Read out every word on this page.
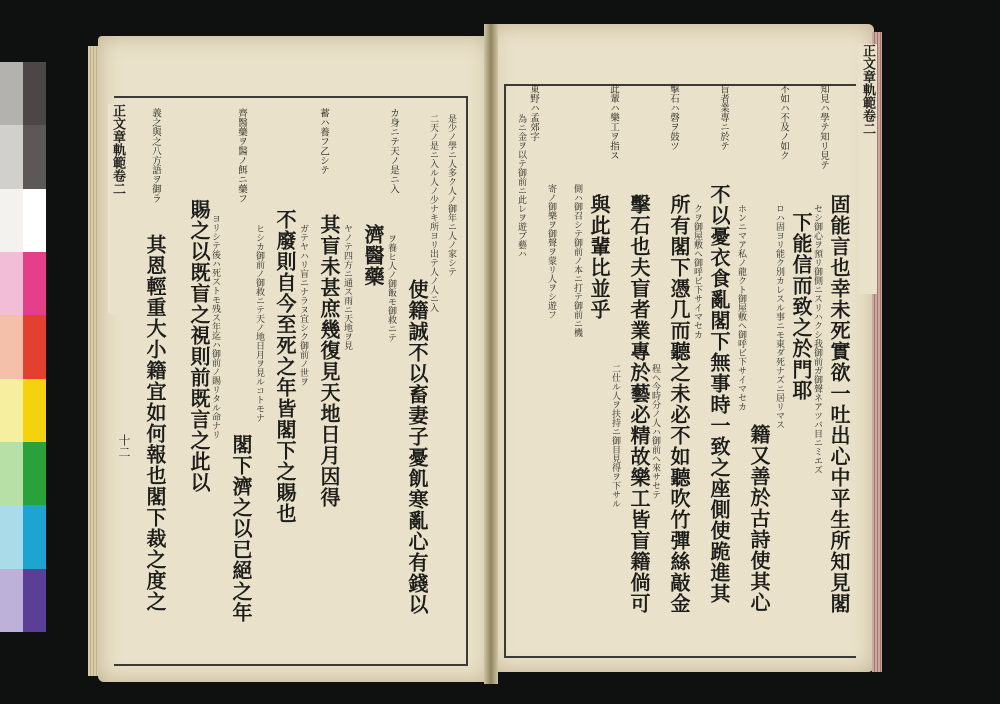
正文章軌範卷二
十二
義之與之八方語ヲ御ラ	齊醫藥ヲ醫ノ餌ニ藥フ	蓄ハ養フ乙シテ	カ身ニテ天ノ是ニ入
賜之以既盲之視則前既言之此以
其恩輕重大小籍宜如何報也閣下裁之度之	閣下濟之以已絕之年
不廢則自今至死之年皆閣下之賜也 其盲未甚庶幾復見天地日月因得 濟醫藥
使籍誠不以畜妻子憂飢寒亂心有錢以
ヨリシテ後ハ死ストモ残ス年迄ハ御前ノ賜リタル命ナリ	ヒシカ御前ノ御救ニテ天ノ地日月ヲ見ルコトモナ	ガテヤハリ盲ニナラヌ宜シク御前ノ世ヲ	ヤノテ四方ニ通ス雨ニ天地ヲ見	ヲ養ヒ人ノ御飯モ御救ニテ	二天ノ是ニ入ル人ノ少ナキ所ヨリ出テ人ノ人ニ入 是少ノ學ニ人多ク人ノ御年ニ人ノ家シテ
正文章軌範卷二
知見ハ學テ知リ見テ
不如ハ不及ノ如ク
盲者業專ニ於テ
擊石ハ磬ヲ鼓ツ
此輩ハ樂工ヲ指ス
東野ハ孟郊字
固能言也幸未死實欲一吐出心中平生所知見閣
下能信而致之於門耶
籍又善於古詩使其心
不以憂衣食亂閣下無事時一致之座側使跪進其
所有閣下憑几而聽之未必不如聽吹竹彈絲敲金
擊石也夫盲者業專於藝必精故樂工皆盲籍倘可
與此輩比並乎	セシ御心ヲ預リ御側ニスリハクシ我御前ガ御聲ネアツバ目ニミエズ
ロハ固ヨリ能ク別カレスル事ニモ東ダ死ナズニ居リマス
ホンニマア私ノ龍クト御屋敷ヘ御呼ビ下サイマセカ
クヲ御屋敷ヘ御呼ビ下サイマセカ
程ヘ今時分ノ人ハ御前ヘ來サセテ
二仕ル人ヲ扶持ニ御目見得ヲ下サル
側ハ御召シテ御前ノ本ニ打テ御前ニ機
寄ノ御樂ヲ御聲ヲ蒙リ人ヲシ遊フ
為ニ金ヲ以テ御前ニ此レヲ遊ブ藝ハ
